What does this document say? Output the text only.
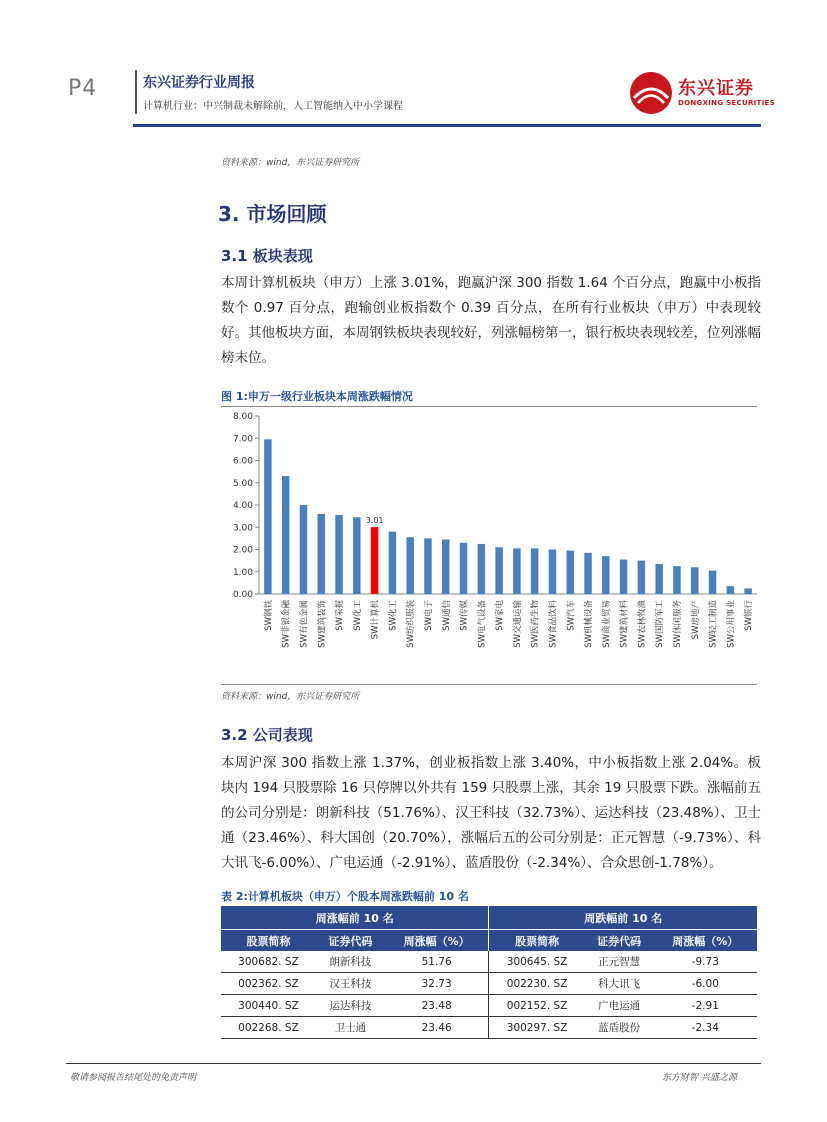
P4	东兴证券行业周报
计算机行业：中兴制裁未解除前，人工智能纳入中小学课程
东兴证券
DONGXING SECURITIES
资料来源：wind，东兴证券研究所
3. 市场回顾
3.1 板块表现
本周计算机板块（申万）上涨 3.01%，跑赢沪深 300 指数 1.64 个百分点，跑赢中小板指数个 0.97 百分点，跑输创业板指数个 0.39 百分点，在所有行业板块（申万）中表现较好。其他板块方面，本周钢铁板块表现较好，列涨幅榜第一，银行板块表现较差，位列涨幅榜末位。
图 1:申万一级行业板块本周涨跌幅情况
8.00
7.00
6.00
5.00
4.00
3.00
2.00
1.00
0.00
SW钢铁 SW非银金融 SW有色金属 SW建筑装饰 SW采掘 SW化工
3.01
SW计算机 SW化工 SW纺织服装 SW电子 SW通信 SW传媒 SW电气设备 SW家电 SW交通运输 SW医药生物 SW食品饮料 SW汽车 SW机械设备 SW商业贸易 SW建筑材料 SW农林牧渔 SW国防军工 SW休闲服务 SW房地产 SW轻工制造 SW公用事业 SW银行
资料来源：wind，东兴证券研究所
3.2 公司表现
本周沪深 300 指数上涨 1.37%，创业板指数上涨 3.40%，中小板指数上涨 2.04%。板块内 194 只股票除 16 只停牌以外共有 159 只股票上涨，其余 19 只股票下跌。涨幅前五的公司分别是：朗新科技（51.76%）、汉王科技（32.73%）、运达科技（23.48%）、卫士通（23.46%）、科大国创（20.70%），涨幅后五的公司分别是：正元智慧（-9.73%）、科大讯飞-6.00%）、广电运通（-2.91%）、蓝盾股份（-2.34%）、合众思创-1.78%）。
表 2:计算机板块（申万）个股本周涨跌幅前 10 名
周涨幅前 10 名			周跌幅前 10 名		
股票简称	证券代码	周涨幅（%）	股票简称	证券代码	周涨幅（%）
300682. SZ	朗新科技	51.76	300645. SZ	正元智慧	-9.73
002362. SZ	汉王科技	32.73	002230. SZ	科大讯飞	-6.00
300440. SZ	运达科技	23.48	002152. SZ	广电运通	-2.91
002268. SZ	卫士通	23.46	300297. SZ	蓝盾股份	-2.34
敬请参阅报告结尾处的免责声明	东方财智 兴盛之源
